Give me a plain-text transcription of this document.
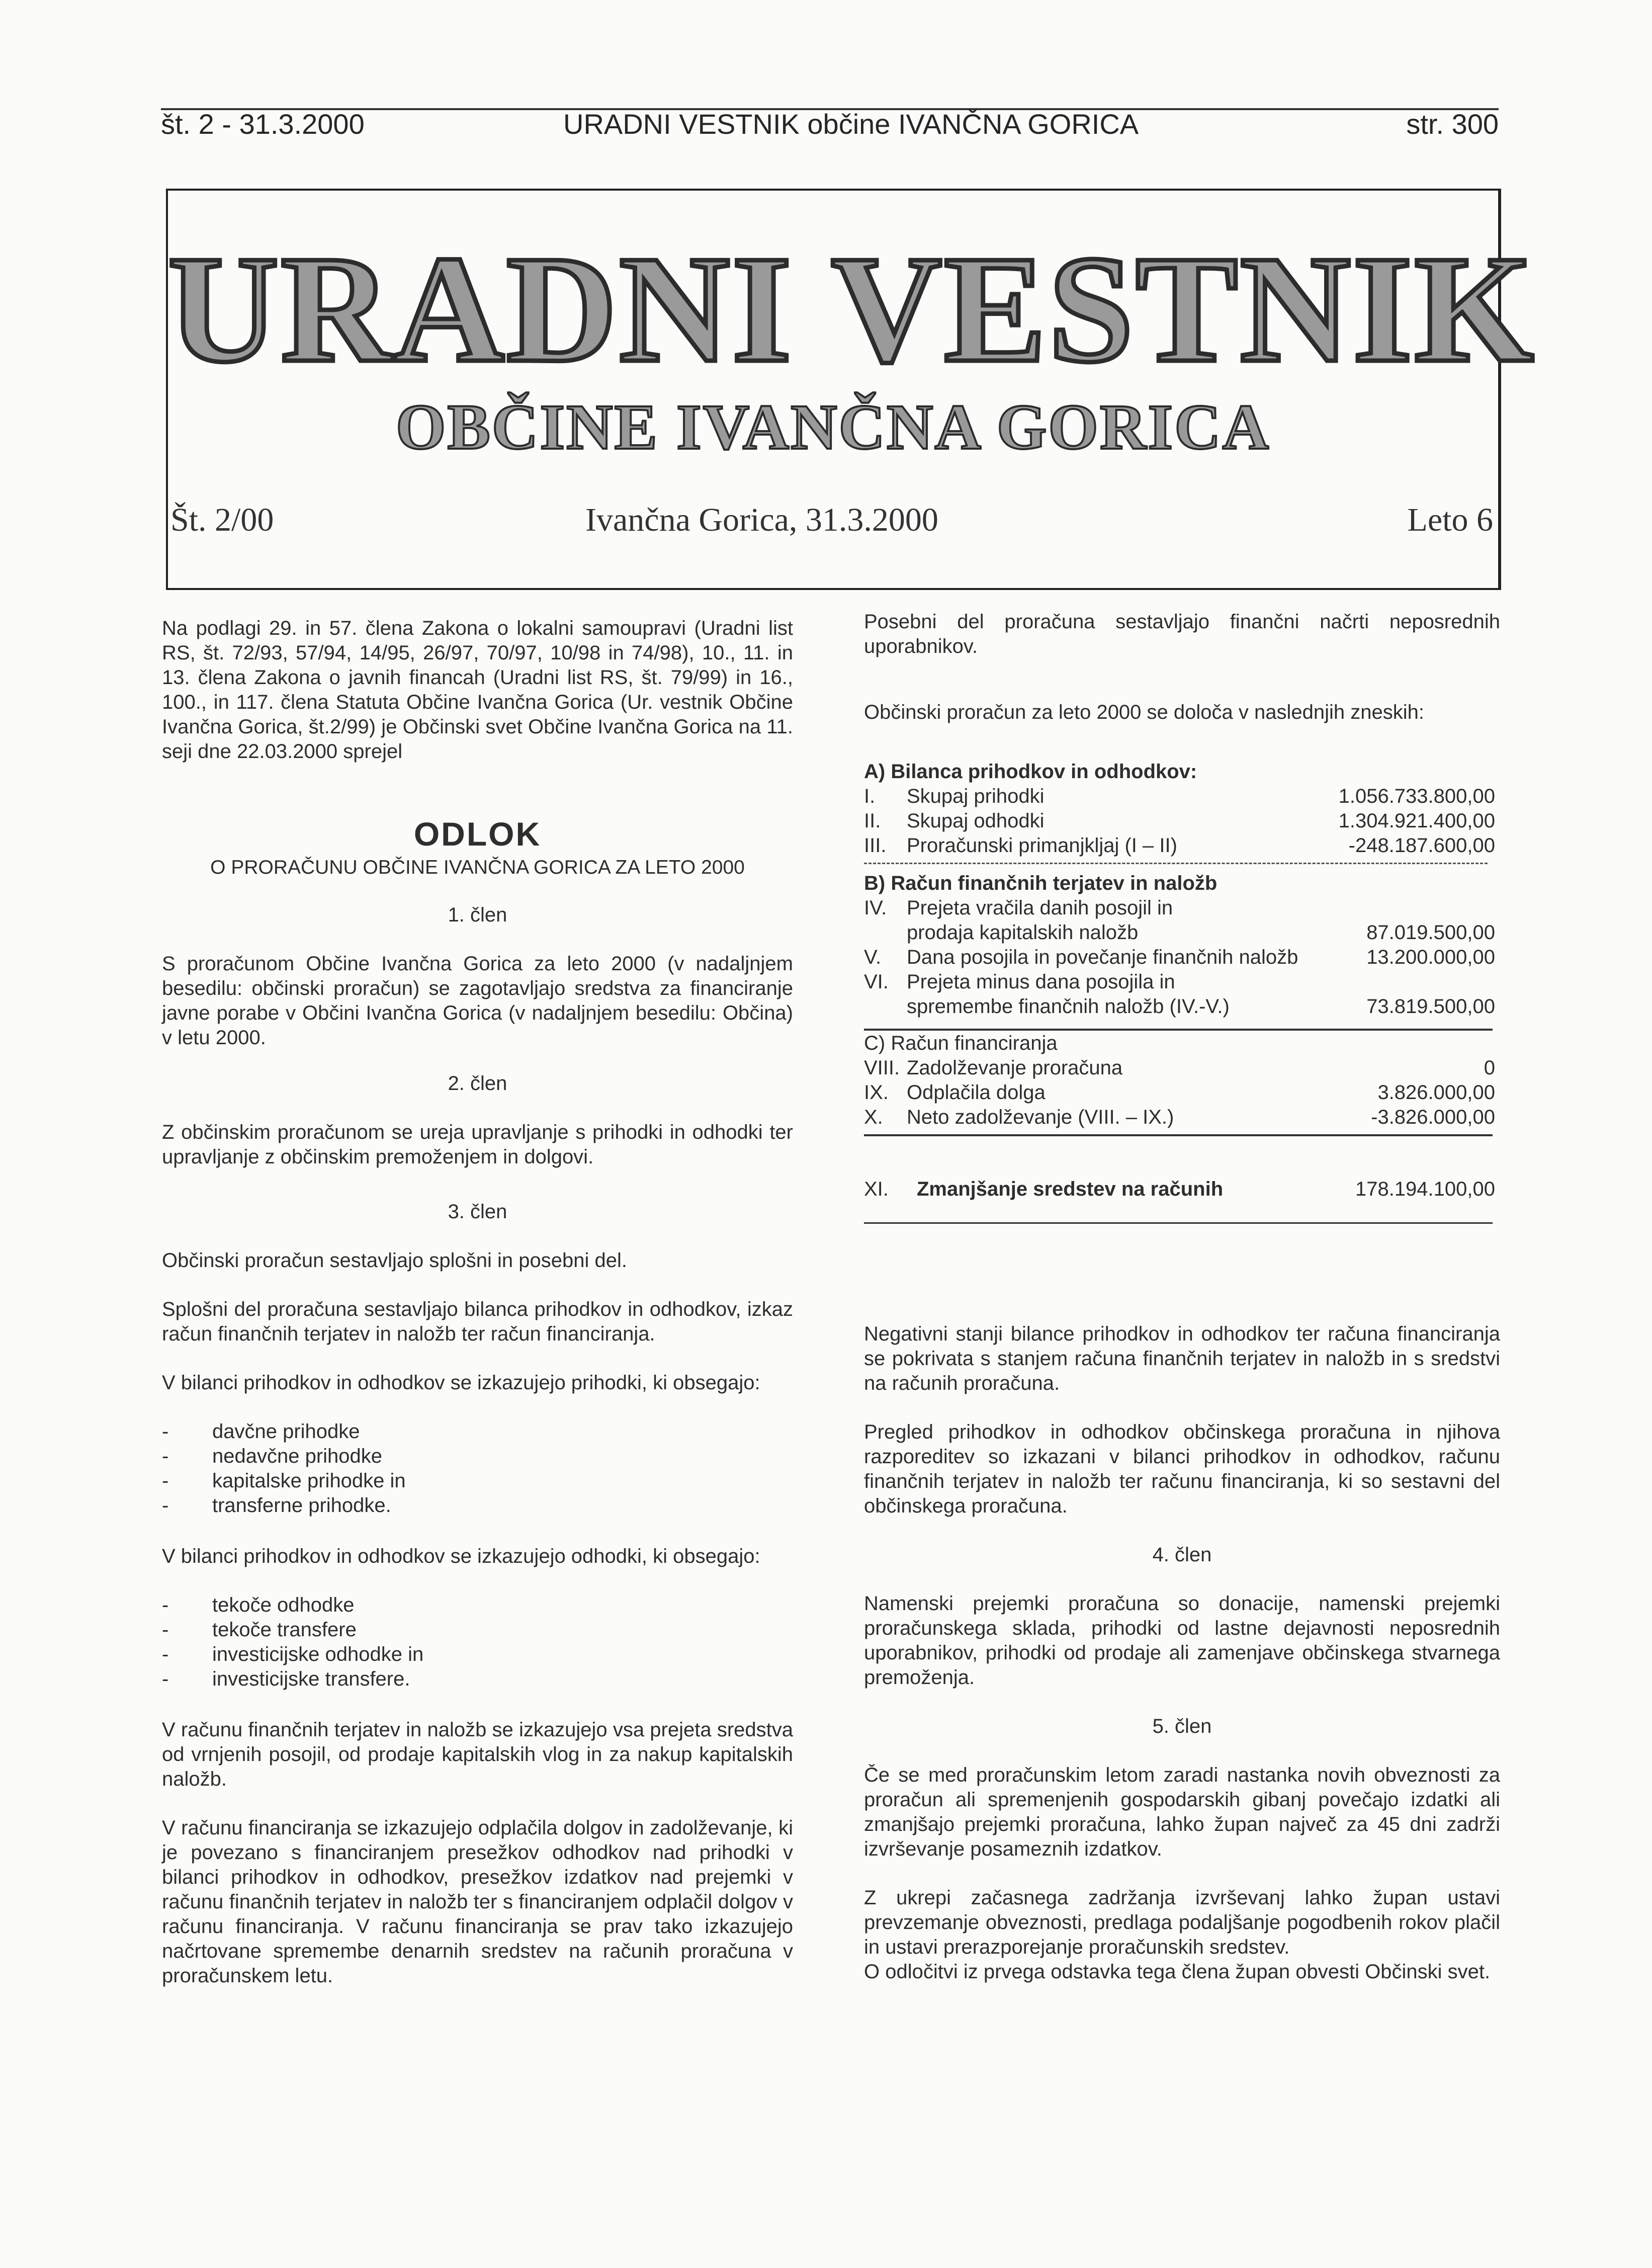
št. 2 - 31.3.2000	URADNI VESTNIK občine IVANČNA GORICA	str. 300
URADNI VESTNIK
OBČINE IVANČNA GORICA
Št. 2/00	Ivančna Gorica, 31.3.2000	Leto 6

Na podlagi 29. in 57. člena Zakona o lokalni samoupravi (Uradni list RS, št. 72/93, 57/94, 14/95, 26/97, 70/97, 10/98 in 74/98), 10., 11. in 13. člena Zakona o javnih financah (Uradni list RS, št. 79/99) in 16., 100., in 117. člena Statuta Občine Ivančna Gorica (Ur. vestnik Občine Ivančna Gorica, št.2/99) je Občinski svet Občine Ivančna Gorica na 11. seji dne 22.03.2000 sprejel

ODLOK

O PRORAČUNU OBČINE IVANČNA GORICA ZA LETO 2000

1. člen

S proračunom Občine Ivančna Gorica za leto 2000 (v nadaljnjem besedilu: občinski proračun) se zagotavljajo sredstva za financiranje javne porabe v Občini Ivančna Gorica (v nadaljnjem besedilu: Občina) v letu 2000.

2. člen

Z občinskim proračunom se ureja upravljanje s prihodki in odhodki ter upravljanje z občinskim premoženjem in dolgovi.

3. člen

Občinski proračun sestavljajo splošni in posebni del.

Splošni del proračuna sestavljajo bilanca prihodkov in odhodkov, izkaz račun finančnih terjatev in naložb ter račun financiranja.

V bilanci prihodkov in odhodkov se izkazujejo prihodki, ki obsegajo:

- davčne prihodke
- nedavčne prihodke
- kapitalske prihodke in
- transferne prihodke.

V bilanci prihodkov in odhodkov se izkazujejo odhodki, ki obsegajo:

- tekoče odhodke
- tekoče transfere
- investicijske odhodke in
- investicijske transfere.

V računu finančnih terjatev in naložb se izkazujejo vsa prejeta sredstva od vrnjenih posojil, od prodaje kapitalskih vlog in za nakup kapitalskih naložb.

V računu financiranja se izkazujejo odplačila dolgov in zadolževanje, ki je povezano s financiranjem presežkov odhodkov nad prihodki v bilanci prihodkov in odhodkov, presežkov izdatkov nad prejemki v računu finančnih terjatev in naložb ter s financiranjem odplačil dolgov v računu financiranja. V računu financiranja se prav tako izkazujejo načrtovane spremembe denarnih sredstev na računih proračuna v proračunskem letu.

Posebni del proračuna sestavljajo finančni načrti neposrednih uporabnikov.

Občinski proračun za leto 2000 se določa v naslednjih zneskih:

A) Bilanca prihodkov in odhodkov:
I. Skupaj prihodki	1.056.733.800,00
II. Skupaj odhodki	1.304.921.400,00
III. Proračunski primanjkljaj (I – II)	-248.187.600,00
B) Račun finančnih terjatev in naložb
IV. Prejeta vračila danih posojil in
prodaja kapitalskih naložb	87.019.500,00
V. Dana posojila in povečanje finančnih naložb	13.200.000,00
VI. Prejeta minus dana posojila in
spremembe finančnih naložb (IV.-V.)	73.819.500,00
C) Račun financiranja
VIII. Zadolževanje proračuna	0
IX. Odplačila dolga	3.826.000,00
X. Neto zadolževanje (VIII. – IX.)	-3.826.000,00
XI. Zmanjšanje sredstev na računih	178.194.100,00

Negativni stanji bilance prihodkov in odhodkov ter računa financiranja se pokrivata s stanjem računa finančnih terjatev in naložb in s sredstvi na računih proračuna.

Pregled prihodkov in odhodkov občinskega proračuna in njihova razporeditev so izkazani v bilanci prihodkov in odhodkov, računu finančnih terjatev in naložb ter računu financiranja, ki so sestavni del občinskega proračuna.

4. člen

Namenski prejemki proračuna so donacije, namenski prejemki proračunskega sklada, prihodki od lastne dejavnosti neposrednih uporabnikov, prihodki od prodaje ali zamenjave občinskega stvarnega premoženja.

5. člen

Če se med proračunskim letom zaradi nastanka novih obveznosti za proračun ali spremenjenih gospodarskih gibanj povečajo izdatki ali zmanjšajo prejemki proračuna, lahko župan največ za 45 dni zadrži izvrševanje posameznih izdatkov.

Z ukrepi začasnega zadržanja izvrševanj lahko župan ustavi prevzemanje obveznosti, predlaga podaljšanje pogodbenih rokov plačil in ustavi prerazporejanje proračunskih sredstev.

O odločitvi iz prvega odstavka tega člena župan obvesti Občinski svet.
